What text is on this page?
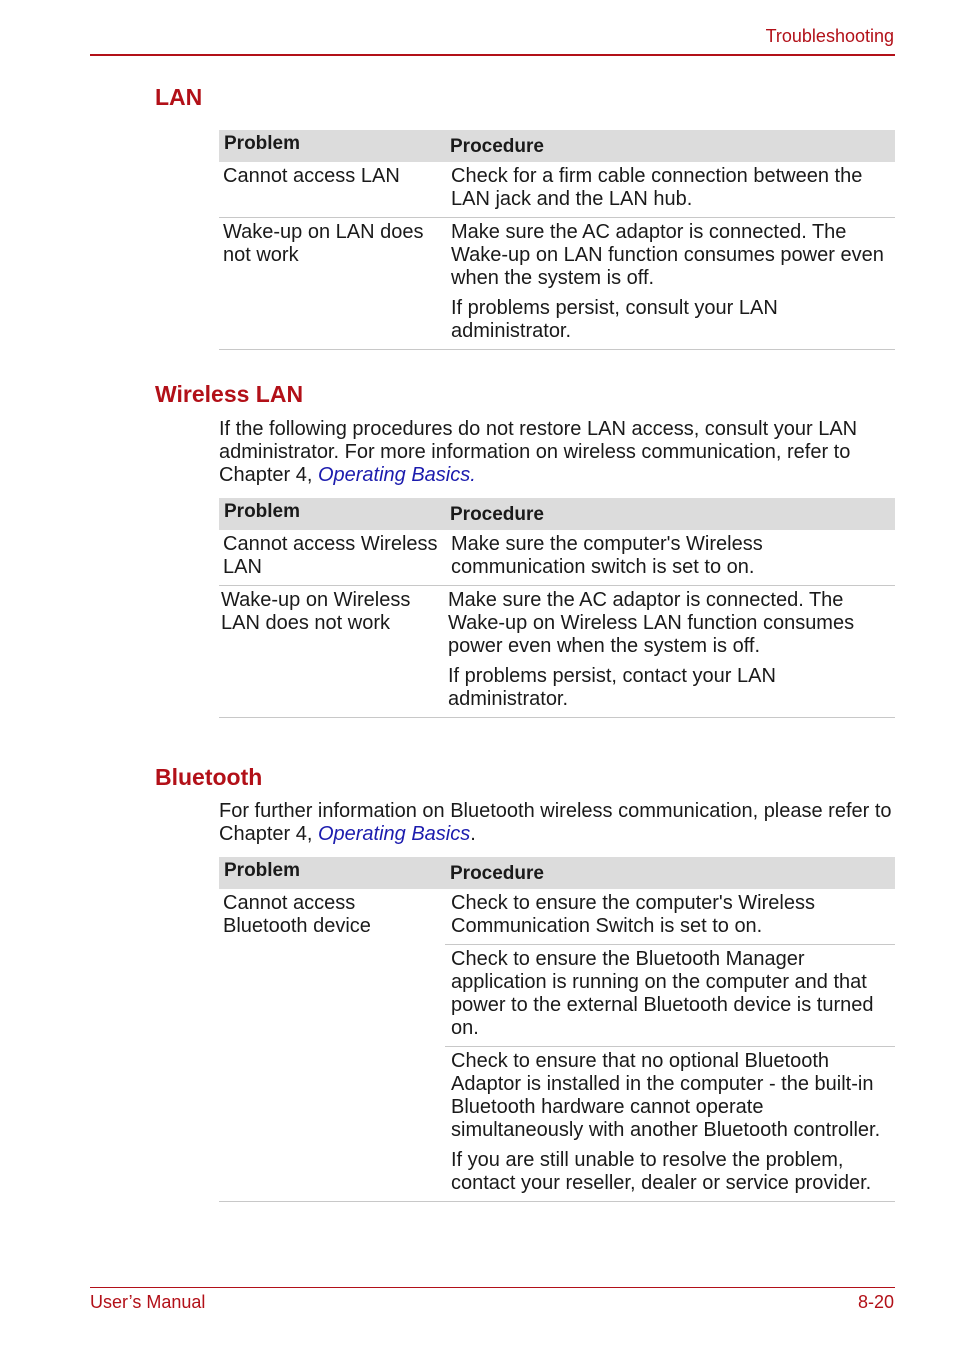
Troubleshooting
LAN
Problem	Procedure
Cannot access LAN	Check for a firm cable connection between the LAN jack and the LAN hub.

Wake-up on LAN does not work	Make sure the AC adaptor is connected. The Wake-up on LAN function consumes power even when the system is off.

If problems persist, consult your LAN administrator.

Wireless LAN
If the following procedures do not restore LAN access, consult your LAN administrator. For more information on wireless communication, refer to Chapter 4, Operating Basics.
Problem	Procedure
Cannot access Wireless LAN	Make sure the computer's Wireless communication switch is set to on.

Wake-up on Wireless LAN does not work	Make sure the AC adaptor is connected. The Wake-up on Wireless LAN function consumes power even when the system is off.

If problems persist, contact your LAN administrator.

Bluetooth
For further information on Bluetooth wireless communication, please refer to Chapter 4, Operating Basics.
Problem	Procedure
Cannot access Bluetooth device	Check to ensure the computer's Wireless Communication Switch is set to on.

	Check to ensure the Bluetooth Manager application is running on the computer and that power to the external Bluetooth device is turned on.

	Check to ensure that no optional Bluetooth Adaptor is installed in the computer - the built-in Bluetooth hardware cannot operate simultaneously with another Bluetooth controller.

If you are still unable to resolve the problem, contact your reseller, dealer or service provider.

User’s Manual	8-20
